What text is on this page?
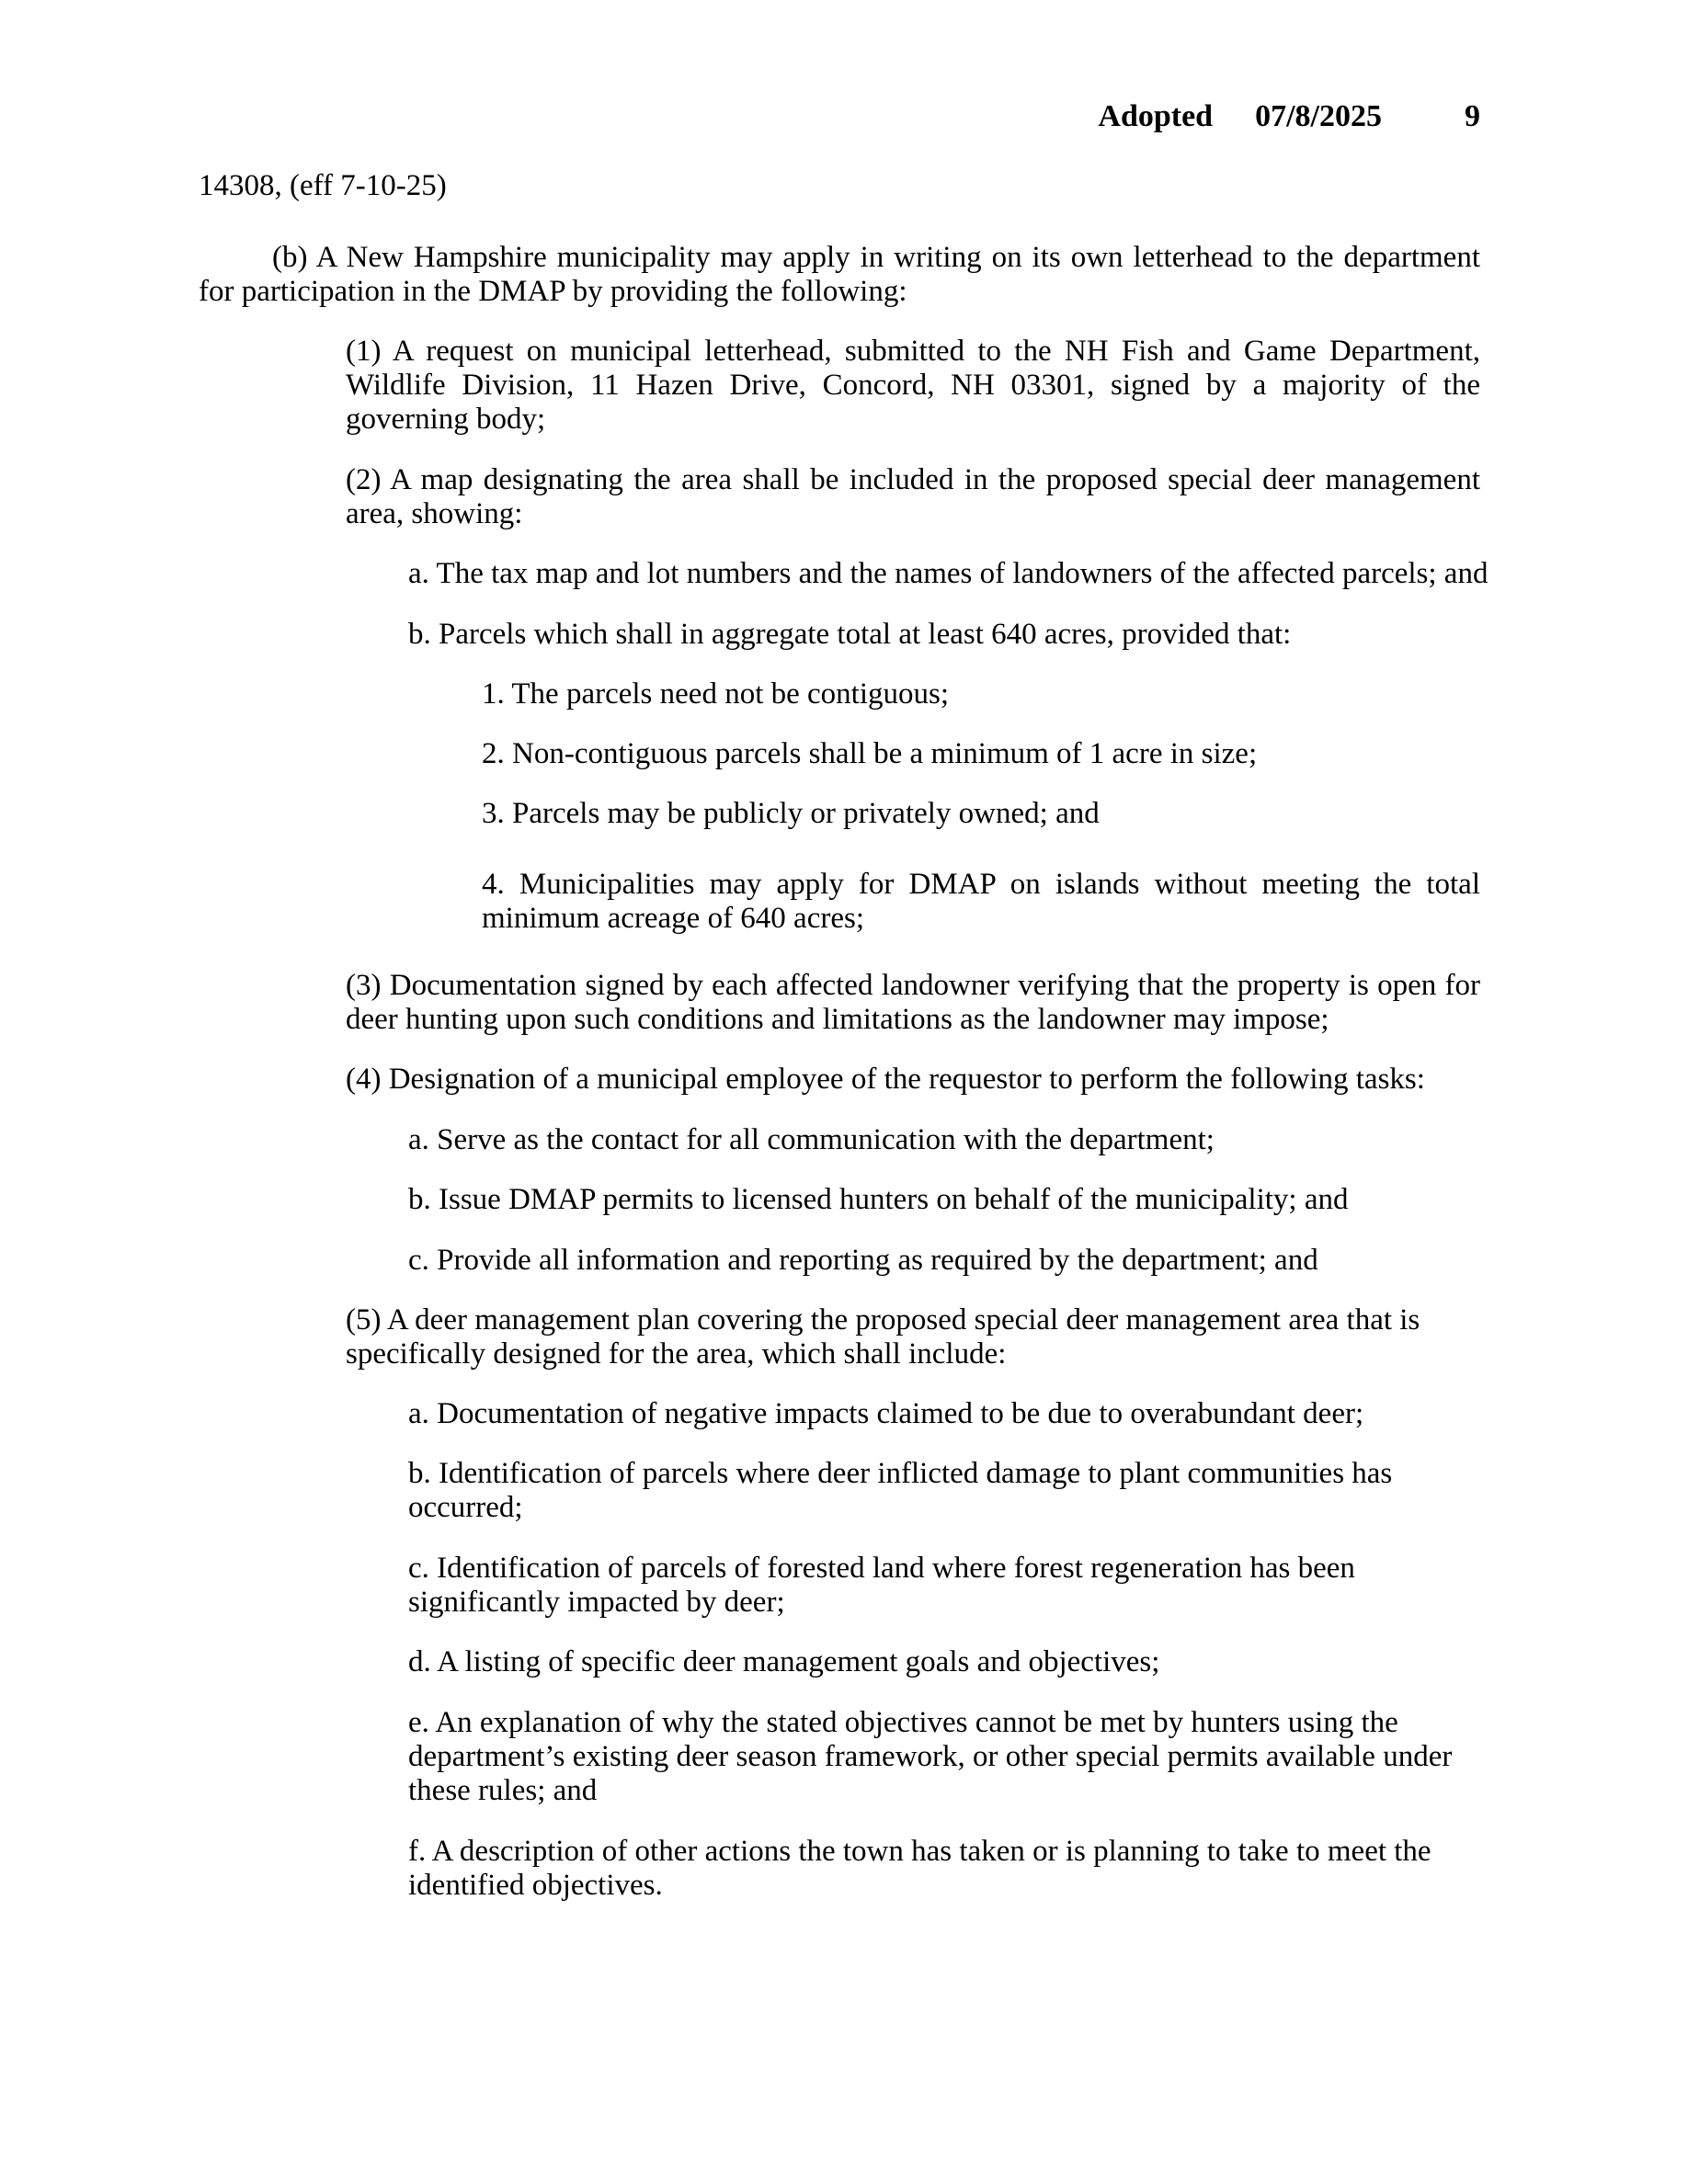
Adopted 07/8/2025	9
14308, (eff 7-10-25)
(b) A New Hampshire municipality may apply in writing on its own letterhead to the department for participation in the DMAP by providing the following:
(1) A request on municipal letterhead, submitted to the NH Fish and Game Department, Wildlife Division, 11 Hazen Drive, Concord, NH 03301, signed by a majority of the governing body;
(2) A map designating the area shall be included in the proposed special deer management area, showing:
a. The tax map and lot numbers and the names of landowners of the affected parcels; and
b. Parcels which shall in aggregate total at least 640 acres, provided that:
1. The parcels need not be contiguous;
2. Non-contiguous parcels shall be a minimum of 1 acre in size;
3. Parcels may be publicly or privately owned; and
4. Municipalities may apply for DMAP on islands without meeting the total minimum acreage of 640 acres;
(3) Documentation signed by each affected landowner verifying that the property is open for deer hunting upon such conditions and limitations as the landowner may impose;
(4) Designation of a municipal employee of the requestor to perform the following tasks:
a. Serve as the contact for all communication with the department;
b. Issue DMAP permits to licensed hunters on behalf of the municipality; and
c. Provide all information and reporting as required by the department; and
(5) A deer management plan covering the proposed special deer management area that is specifically designed for the area, which shall include:
a. Documentation of negative impacts claimed to be due to overabundant deer;
b. Identification of parcels where deer inflicted damage to plant communities has occurred;
c. Identification of parcels of forested land where forest regeneration has been significantly impacted by deer;
d. A listing of specific deer management goals and objectives;
e. An explanation of why the stated objectives cannot be met by hunters using the department’s existing deer season framework, or other special permits available under these rules; and
f. A description of other actions the town has taken or is planning to take to meet the identified objectives.
